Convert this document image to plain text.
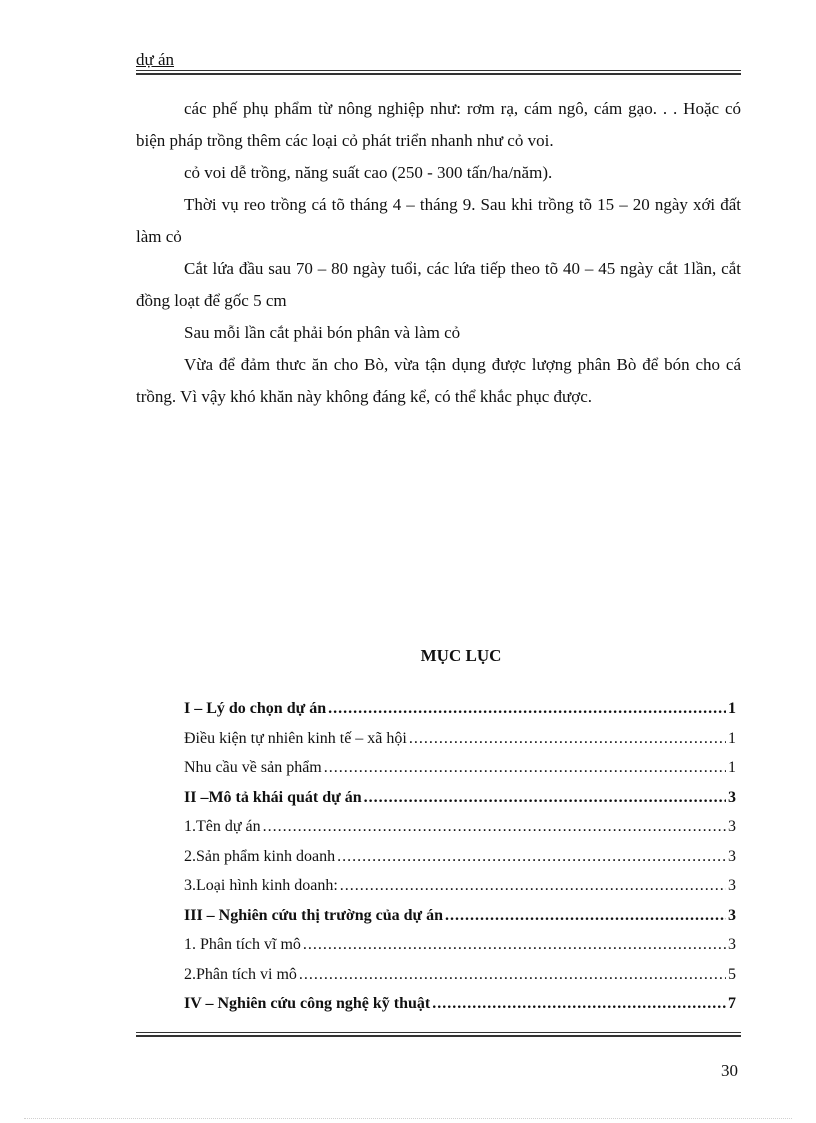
dự án

các phế phụ phẩm từ nông nghiệp như: rơm rạ, cám ngô, cám gạo. . . Hoặc có biện pháp trồng thêm các loại cỏ phát triển nhanh như cỏ voi.

cỏ voi dễ trồng, năng suất cao (250 - 300 tấn/ha/năm).

Thời vụ reo trồng cá tõ tháng 4 – tháng 9. Sau khi trồng tõ 15 – 20 ngày xới đất làm cỏ

Cắt lứa đầu sau 70 – 80 ngày tuổi, các lứa tiếp theo tõ 40 – 45 ngày cắt 1lần, cắt đồng loạt để gốc 5 cm

Sau mỗi lần cắt phải bón phân và làm cỏ

Vừa để đảm thưc ăn cho Bò, vừa tận dụng được lượng phân Bò để bón cho cá trồng. Vì vậy khó khăn này không đáng kể, có thể khắc phục được.

MỤC LỤC
I – Lý do chọn dự án .....	1
Điều kiện tự nhiên kinh tế – xã hội .....	1
Nhu cầu về sản phẩm .....	1
II –Mô tả khái quát dự án .....	3
1.Tên dự án .....	3
2.Sản phẩm kinh doanh .....	3
3.Loại hình kinh doanh: .....	3
III – Nghiên cứu thị trường của dự án .....	3
1. Phân tích vĩ mô .....	3
2.Phân tích vi mô .....	5
IV – Nghiên cứu công nghệ kỹ thuật .....	7
30
